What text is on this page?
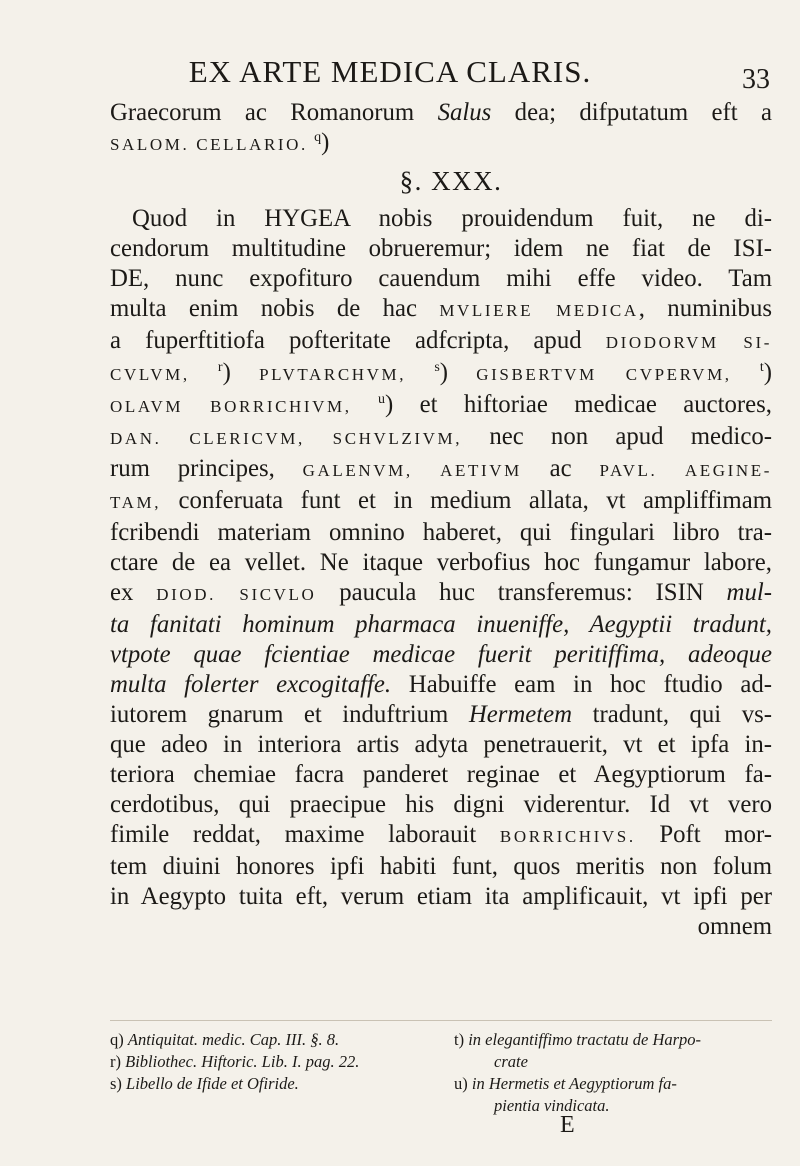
EX ARTE MEDICA CLARIS.	33
Graecorum ac Romanorum Salus dea; difputatum eft a
SALOM. CELLARIO. $^q$)
§. XXX.
Quod in HYGEA nobis prouidendum fuit, ne di-
cendorum multitudine obrueremur; idem ne fiat de ISI-
DE, nunc expofituro cauendum mihi effe video. Tam
multa enim nobis de hac MVLIERE MEDICA, numinibus
a fuperftitiofa pofteritate adfcripta, apud DIODORVM SI-
CVLVM, $^r$) PLVTARCHVM, $^s$) GISBERTVM CVPERVM, $^t$)
OLAVM BORRICHIVM, $^u$) et hiftoriae medicae auctores,
DAN. CLERICVM, SCHVLZIVM, nec non apud medico-
rum principes, GALENVM, AETIVM ac PAVL. AEGINE-
TAM, conferuata funt et in medium allata, vt ampliffimam
fcribendi materiam omnino haberet, qui fingulari libro tra-
ctare de ea vellet. Ne itaque verbofius hoc fungamur labore,
ex DIOD. SICVLO paucula huc transferemus: ISIN mul-
ta fanitati hominum pharmaca inueniffe, Aegyptii tradunt,
vtpote quae fcientiae medicae fuerit peritiffima, adeoque
multa folerter excogitaffe. Habuiffe eam in hoc ftudio ad-
iutorem gnarum et induftrium Hermetem tradunt, qui vs-
que adeo in interiora artis adyta penetrauerit, vt et ipfa in-
teriora chemiae facra panderet reginae et Aegyptiorum fa-
cerdotibus, qui praecipue his digni viderentur. Id vt vero
fimile reddat, maxime laborauit BORRICHIVS. Poft mor-
tem diuini honores ipfi habiti funt, quos meritis non folum
in Aegypto tuita eft, verum etiam ita amplificauit, vt ipfi per
omnem
q) Antiquitat. medic. Cap. III. §. 8.
r) Bibliothec. Hiftoric. Lib. I. pag. 22.
s) Libello de Ifide et Ofiride.
t) in elegantiffimo tractatu de Harpo-
crate
u) in Hermetis et Aegyptiorum fa-
pientia vindicata.
E
